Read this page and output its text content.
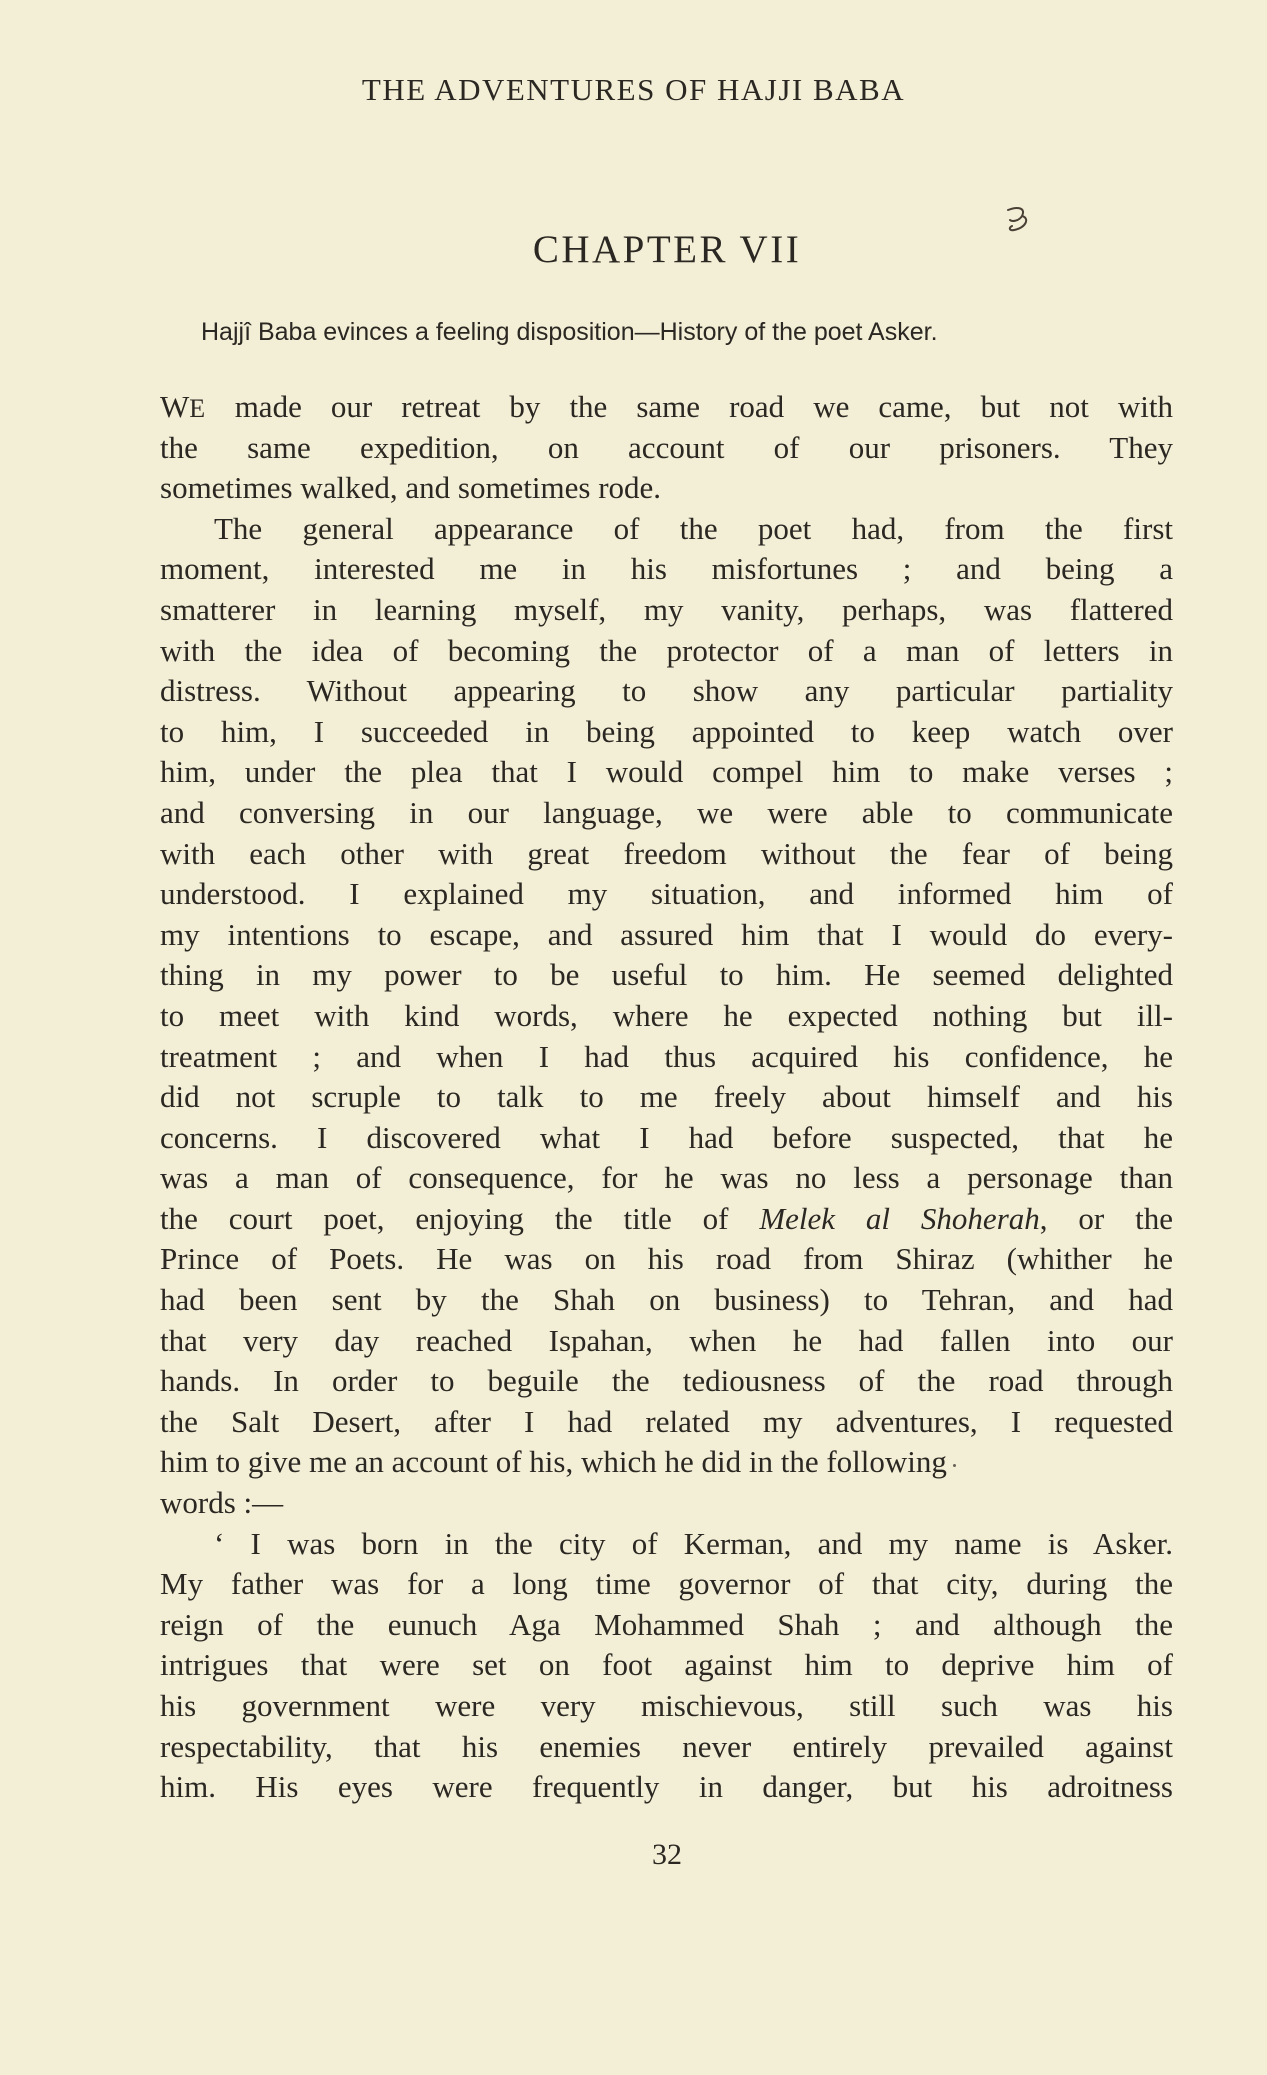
THE ADVENTURES OF HAJJI BABA
CHAPTER VII
Hajjî Baba evinces a feeling disposition—History of the poet Asker.
WE made our retreat by the same road we came, but not with
the same expedition, on account of our prisoners. They
sometimes walked, and sometimes rode.
The general appearance of the poet had, from the first
moment, interested me in his misfortunes ; and being a
smatterer in learning myself, my vanity, perhaps, was flattered
with the idea of becoming the protector of a man of letters in
distress. Without appearing to show any particular partiality
to him, I succeeded in being appointed to keep watch over
him, under the plea that I would compel him to make verses ;
and conversing in our language, we were able to communicate
with each other with great freedom without the fear of being
understood. I explained my situation, and informed him of
my intentions to escape, and assured him that I would do every-
thing in my power to be useful to him. He seemed delighted
to meet with kind words, where he expected nothing but ill-
treatment ; and when I had thus acquired his confidence, he
did not scruple to talk to me freely about himself and his
concerns. I discovered what I had before suspected, that he
was a man of consequence, for he was no less a personage than
the court poet, enjoying the title of Melek al Shoherah, or the
Prince of Poets. He was on his road from Shiraz (whither he
had been sent by the Shah on business) to Tehran, and had
that very day reached Ispahan, when he had fallen into our
hands. In order to beguile the tediousness of the road through
the Salt Desert, after I had related my adventures, I requested
him to give me an account of his, which he did in the following
words :—
‘ I was born in the city of Kerman, and my name is Asker.
My father was for a long time governor of that city, during the
reign of the eunuch Aga Mohammed Shah ; and although the
intrigues that were set on foot against him to deprive him of
his government were very mischievous, still such was his
respectability, that his enemies never entirely prevailed against
him. His eyes were frequently in danger, but his adroitness
32
